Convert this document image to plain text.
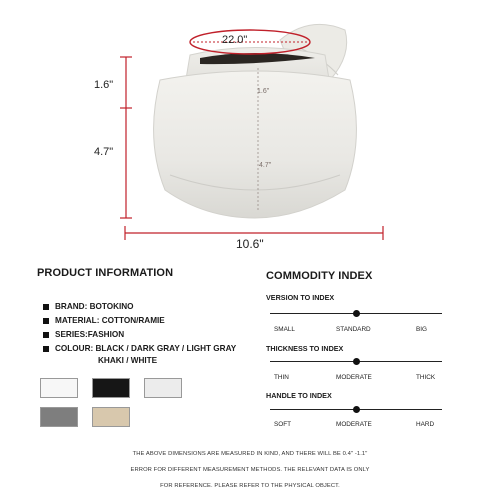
22.0"
1.6"
4.7"
1.6"
4.7"
10.6"
PRODUCT INFORMATION
BRAND: BOTOKINO
MATERIAL: COTTON/RAMIE
SERIES:FASHION
COLOUR: BLACK / DARK GRAY / LIGHT GRAY
KHAKI / WHITE
COMMODITY INDEX
VERSION TO INDEX
SMALL	STANDARD	BIG
THICKNESS TO INDEX
THIN	MODERATE	THICK
HANDLE TO INDEX
SOFT	MODERATE	HARD
THE ABOVE DIMENSIONS ARE MEASURED IN KIND, AND THERE WILL BE 0.4" -1.1"
ERROR FOR DIFFERENT MEASUREMENT METHODS. THE RELEVANT DATA IS ONLY
FOR REFERENCE. PLEASE REFER TO THE PHYSICAL OBJECT.
